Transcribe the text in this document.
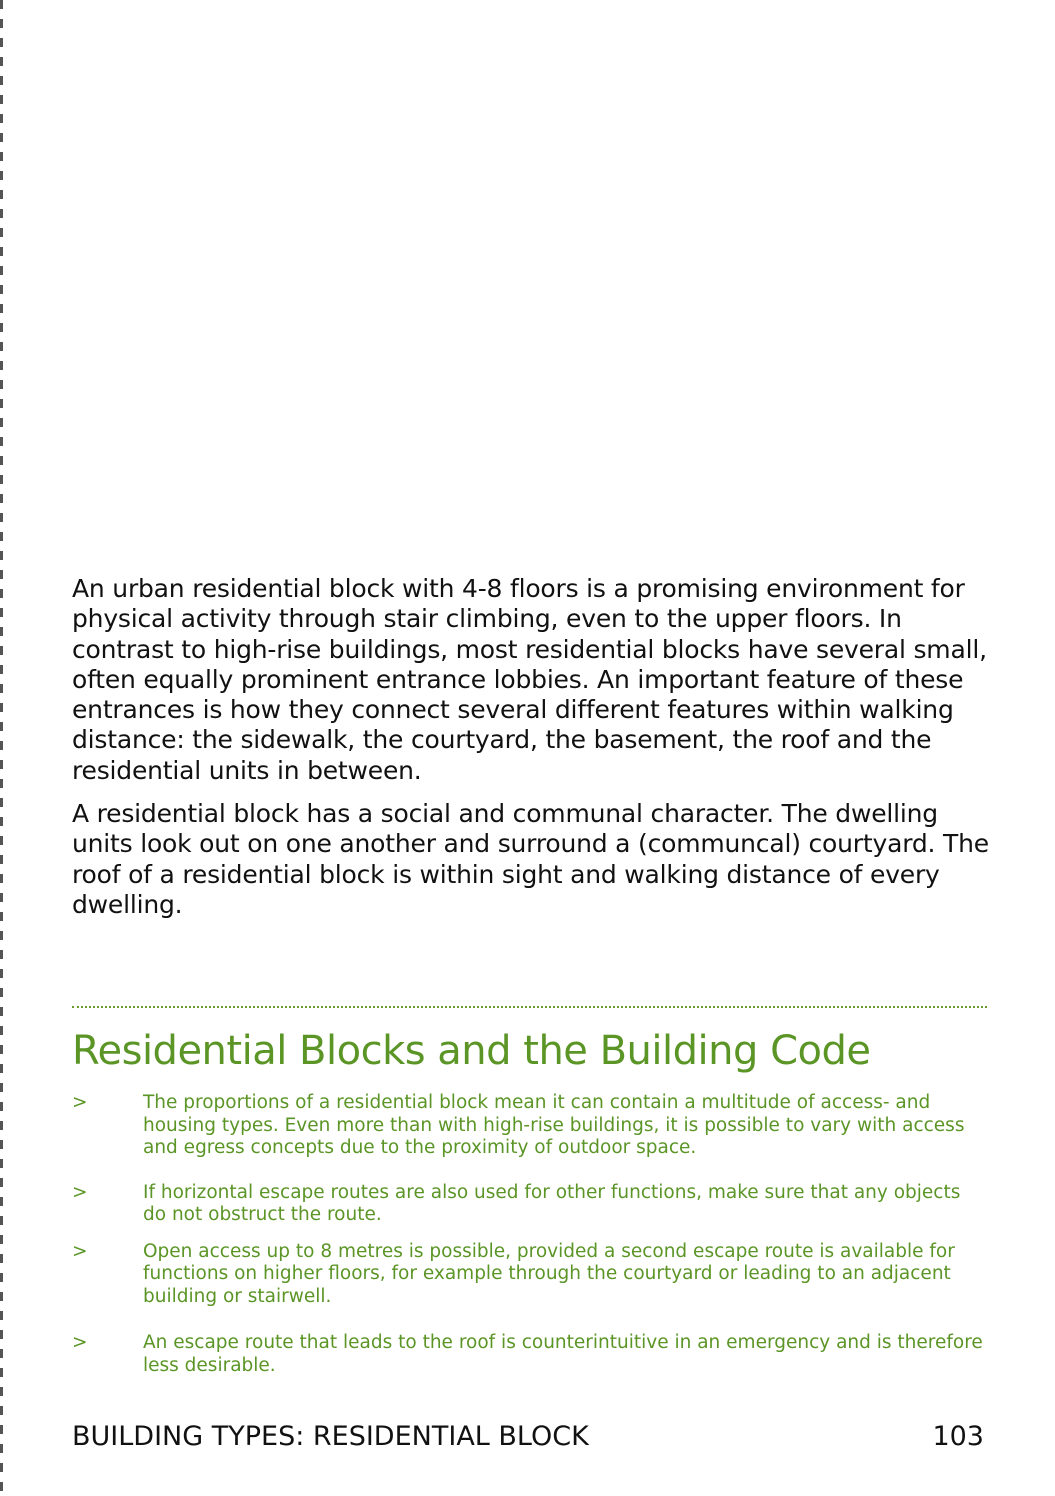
An urban residential block with 4-8 floors is a promising environment for physical activity through stair climbing, even to the upper floors. In contrast to high-rise buildings, most residential blocks have several small, often equally prominent entrance lobbies. An important feature of these entrances is how they connect several different features within walking distance: the sidewalk, the courtyard, the basement, the roof and the residential units in between.

A residential block has a social and communal character. The dwelling units look out on one another and surround a (communcal) courtyard. The roof of a residential block is within sight and walking distance of every dwelling.

Residential Blocks and the Building Code
>	The proportions of a residential block mean it can contain a multitude of access- and housing types. Even more than with high-rise buildings, it is possible to vary with access and egress concepts due to the proximity of outdoor space.
>	If horizontal escape routes are also used for other functions, make sure that any objects do not obstruct the route.
>	Open access up to 8 metres is possible, provided a second escape route is available for functions on higher floors, for example through the courtyard or leading to an adjacent building or stairwell.
>	An escape route that leads to the roof is counterintuitive in an emergency and is therefore less desirable.
BUILDING TYPES: RESIDENTIAL BLOCK	103
